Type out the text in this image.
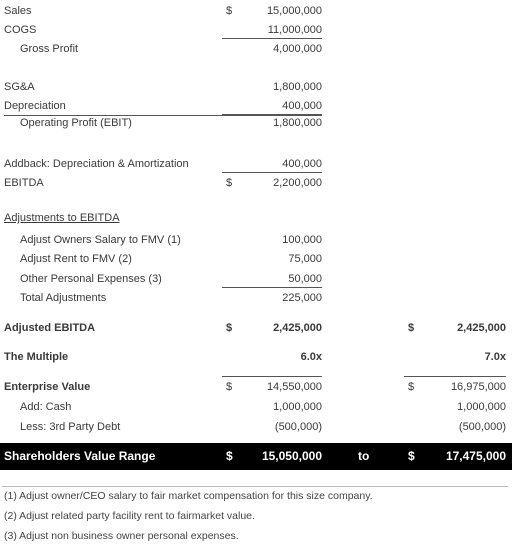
Sales	$	15,000,000
COGS	11,000,000
Gross Profit	4,000,000
SG&A	1,800,000
Depreciation	400,000
Operating Profit (EBIT)	1,800,000
Addback: Depreciation & Amortization	400,000
EBITDA	$	2,200,000
Adjustments to EBITDA
Adjust Owners Salary to FMV (1)	100,000
Adjust Rent to FMV (2)	75,000
Other Personal Expenses (3)	50,000
Total Adjustments	225,000
Adjusted EBITDA	$	2,425,000	$	2,425,000
The Multiple	6.0x	7.0x
Enterprise Value	$	14,550,000	$	16,975,000
Add: Cash	1,000,000	1,000,000
Less: 3rd Party Debt	(500,000)	(500,000)
Shareholders Value Range	$ 15,050,000	to	$	17,475,000
(1) Adjust owner/CEO salary to fair market compensation for this size company.
(2) Adjust related party facility rent to fairmarket value.
(3) Adjust non business owner personal expenses.
